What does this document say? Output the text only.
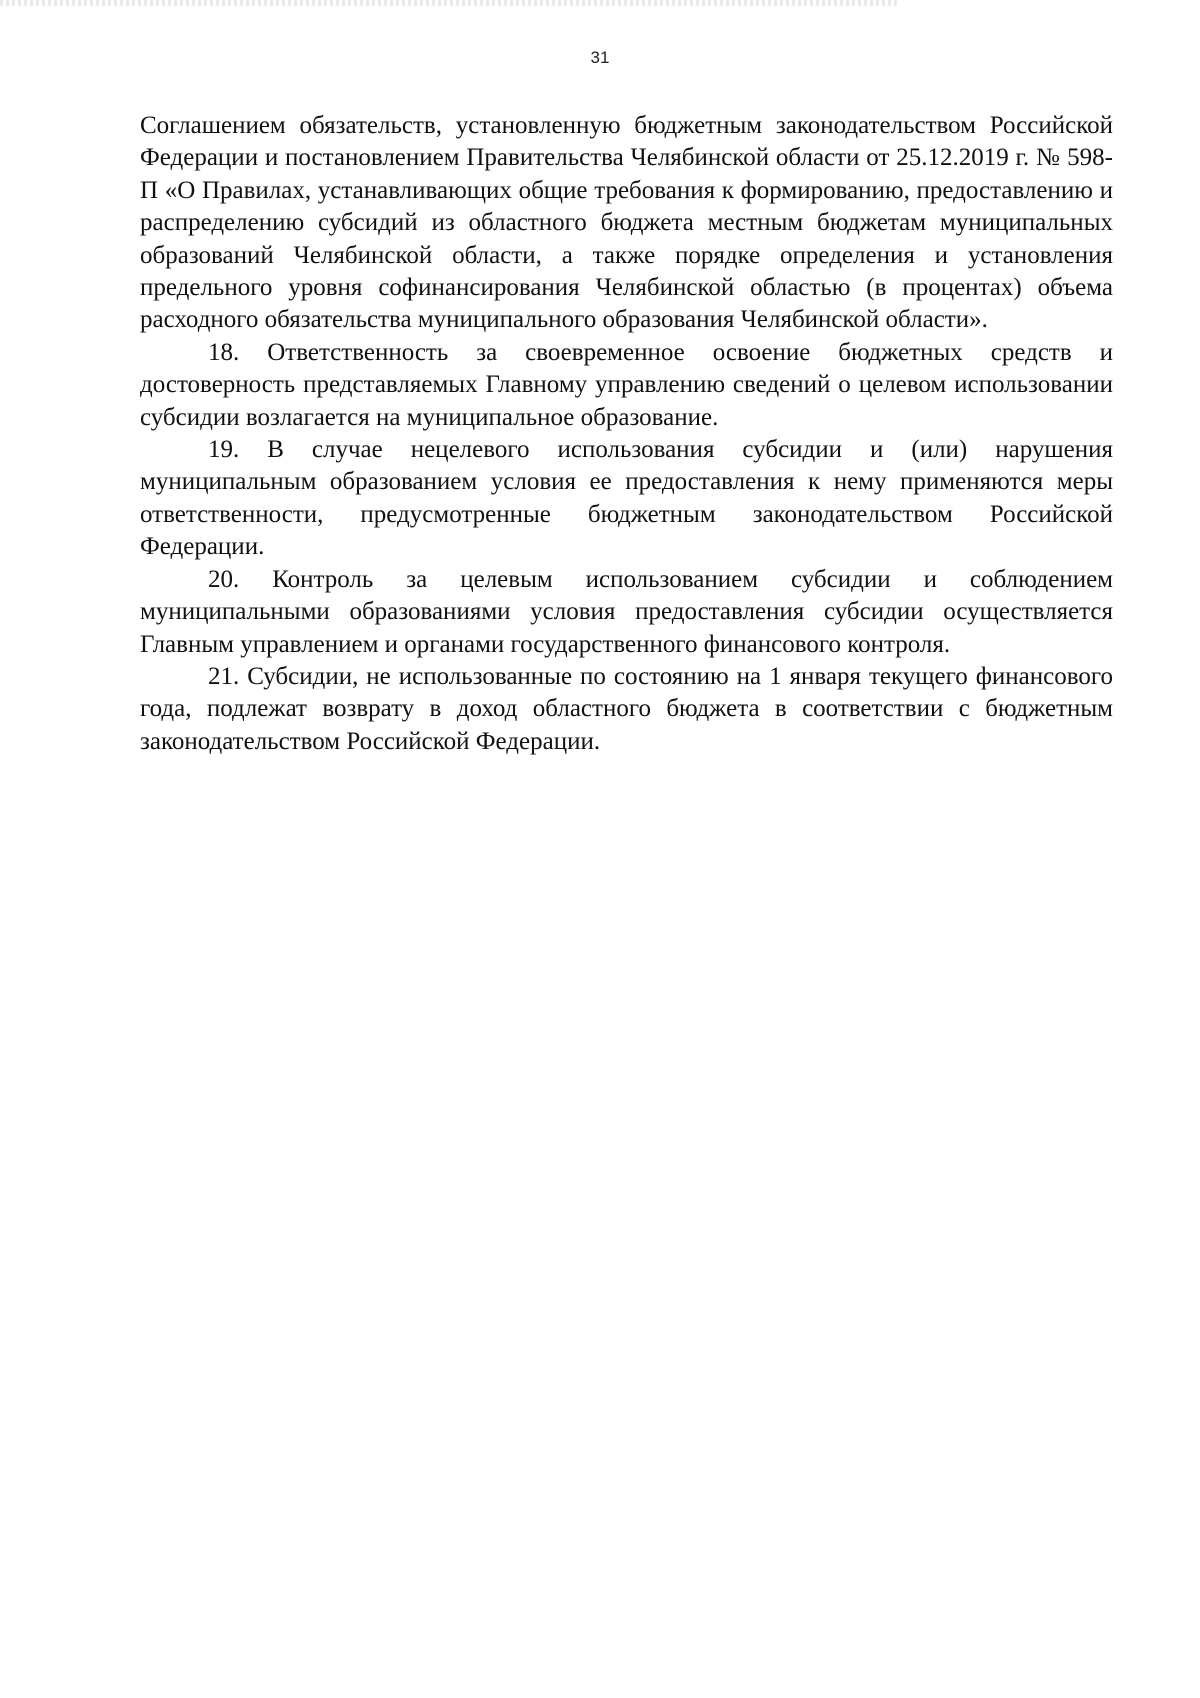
31

Соглашением обязательств, установленную бюджетным законодательством Российской Федерации и постановлением Правительства Челябинской области от 25.12.2019 г. № 598-П «О Правилах, устанавливающих общие требования к формированию, предоставлению и распределению субсидий из областного бюджета местным бюджетам муниципальных образований Челябинской области, а также порядке определения и установления предельного уровня софинансирования Челябинской областью (в процентах) объема расходного обязательства муниципального образования Челябинской области».

18. Ответственность за своевременное освоение бюджетных средств и достоверность представляемых Главному управлению сведений о целевом использовании субсидии возлагается на муниципальное образование.

19. В случае нецелевого использования субсидии и (или) нарушения муниципальным образованием условия ее предоставления к нему применяются меры ответственности, предусмотренные бюджетным законодательством Российской Федерации.

20. Контроль за целевым использованием субсидии и соблюдением муниципальными образованиями условия предоставления субсидии осуществляется Главным управлением и органами государственного финансового контроля.

21. Субсидии, не использованные по состоянию на 1 января текущего финансового года, подлежат возврату в доход областного бюджета в соответствии с бюджетным законодательством Российской Федерации.
